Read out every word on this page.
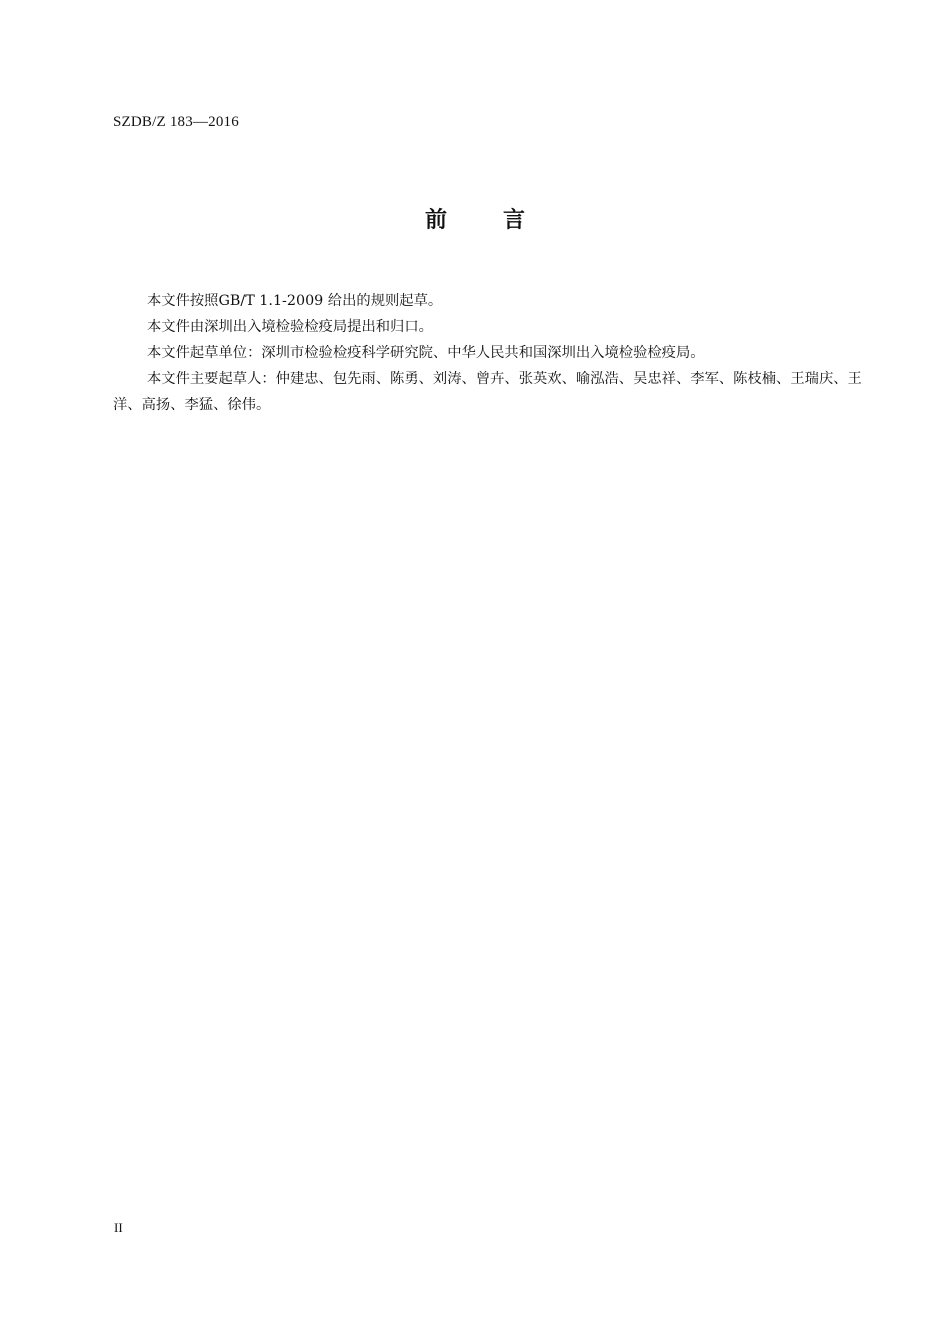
SZDB/Z 183—2016
前	言

本文件按照GB/T 1.1-2009 给出的规则起草。

本文件由深圳出入境检验检疫局提出和归口。

本文件起草单位：深圳市检验检疫科学研究院、中华人民共和国深圳出入境检验检疫局。

本文件主要起草人：仲建忠、包先雨、陈勇、刘涛、曾卉、张英欢、喻泓浩、吴忠祥、李军、陈枝楠、王瑞庆、王洋、高扬、李猛、徐伟。

II
